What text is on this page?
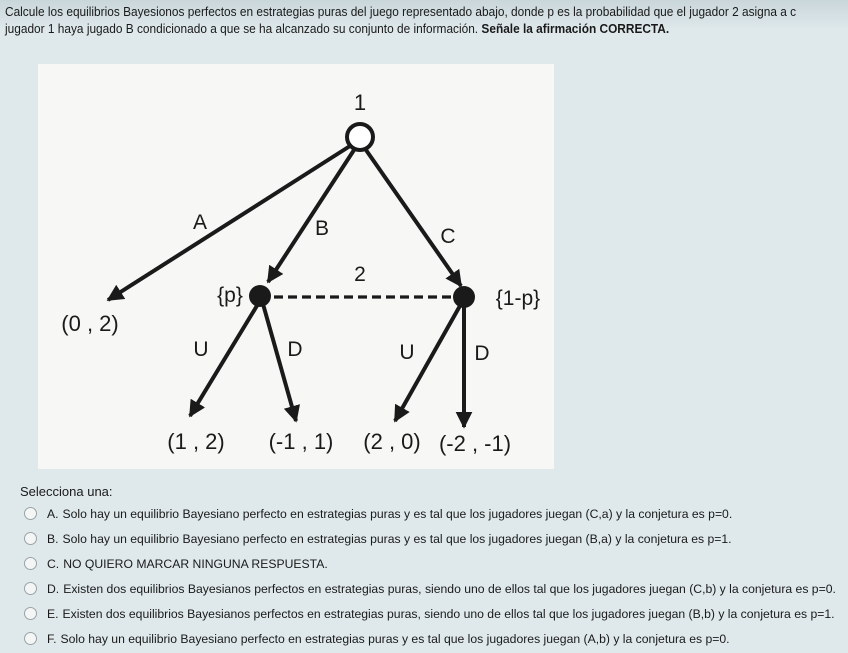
Calcule los equilibrios Bayesionos perfectos en estrategias puras del juego representado abajo, donde p es la probabilidad que el jugador 2 asigna a c
jugador 1 haya jugado B condicionado a que se ha alcanzado su conjunto de información. Señale la afirmación CORRECTA.
1
A	B	C
2
{p}	{1-p}
U	D	U	D
(0 , 2)
(1 , 2) (-1 , 1) (2 , 0) (-2 , -1)
Selecciona una:
A. Solo hay un equilibrio Bayesiano perfecto en estrategias puras y es tal que los jugadores juegan (C,a) y la conjetura es p=0.
B. Solo hay un equilibrio Bayesiano perfecto en estrategias puras y es tal que los jugadores juegan (B,a) y la conjetura es p=1.
C. NO QUIERO MARCAR NINGUNA RESPUESTA.
D. Existen dos equilibrios Bayesianos perfectos en estrategias puras, siendo uno de ellos tal que los jugadores juegan (C,b) y la conjetura es p=0.
E. Existen dos equilibrios Bayesianos perfectos en estrategias puras, siendo uno de ellos tal que los jugadores juegan (B,b) y la conjetura es p=1.
F. Solo hay un equilibrio Bayesiano perfecto en estrategias puras y es tal que los jugadores juegan (A,b) y la conjetura es p=0.
